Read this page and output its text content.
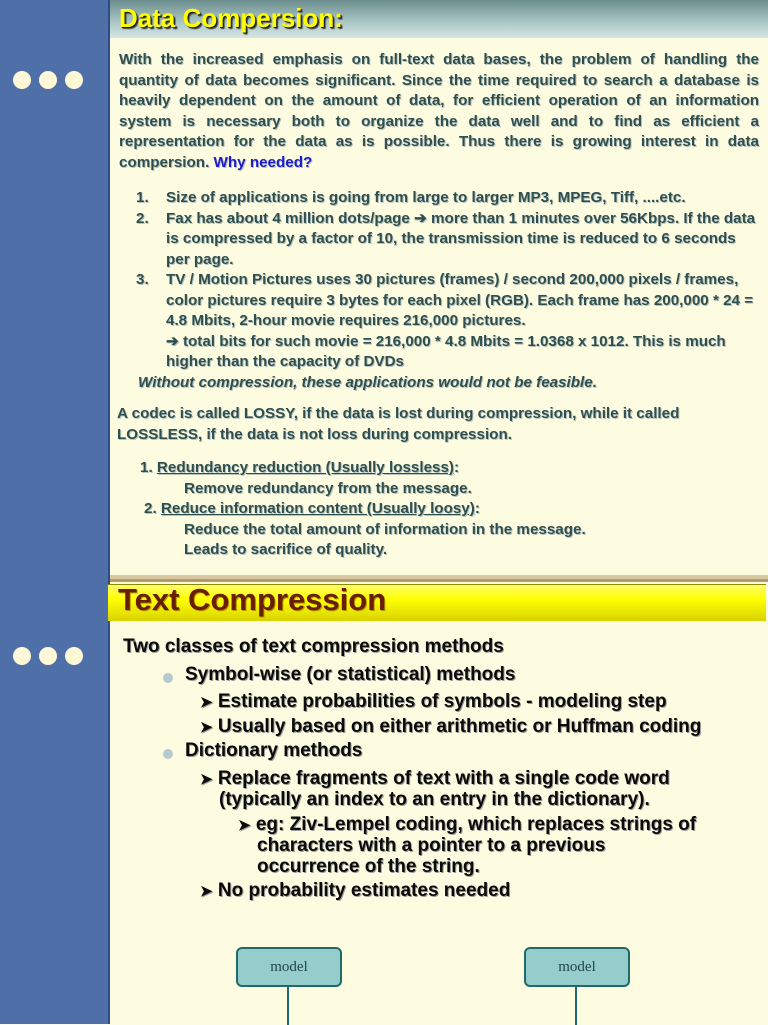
Data Compersion:
With the increased emphasis on full-text data bases, the problem of handling the quantity of data becomes significant. Since the time required to search a database is heavily dependent on the amount of data, for efficient operation of an information system is necessary both to organize the data well and to find as efficient a representation for the data as is possible. Thus there is growing interest in data compersion. Why needed?
1. Size of applications is going from large to larger MP3, MPEG, Tiff, ....etc.
2. Fax has about 4 million dots/page ➔ more than 1 minutes over 56Kbps. If the data is compressed by a factor of 10, the transmission time is reduced to 6 seconds per page.
3. TV / Motion Pictures uses 30 pictures (frames) / second 200,000 pixels / frames, color pictures require 3 bytes for each pixel (RGB). Each frame has 200,000 * 24 = 4.8 Mbits, 2-hour movie requires 216,000 pictures.
➔ total bits for such movie = 216,000 * 4.8 Mbits = 1.0368 x 1012. This is much higher than the capacity of DVDs
Without compression, these applications would not be feasible.
A codec is called LOSSY, if the data is lost during compression, while it called LOSSLESS, if the data is not loss during compression.
1. Redundancy reduction (Usually lossless):
Remove redundancy from the message.
2. Reduce information content (Usually loosy):
Reduce the total amount of information in the message.
Leads to sacrifice of quality.
Text Compression
Two classes of text compression methods
Symbol-wise (or statistical) methods
➤ Estimate probabilities of symbols - modeling step
➤ Usually based on either arithmetic or Huffman coding
Dictionary methods
➤ Replace fragments of text with a single code word
(typically an index to an entry in the dictionary).
➤ eg: Ziv-Lempel coding, which replaces strings of
characters with a pointer to a previous
occurrence of the string.
➤ No probability estimates needed
model	model
